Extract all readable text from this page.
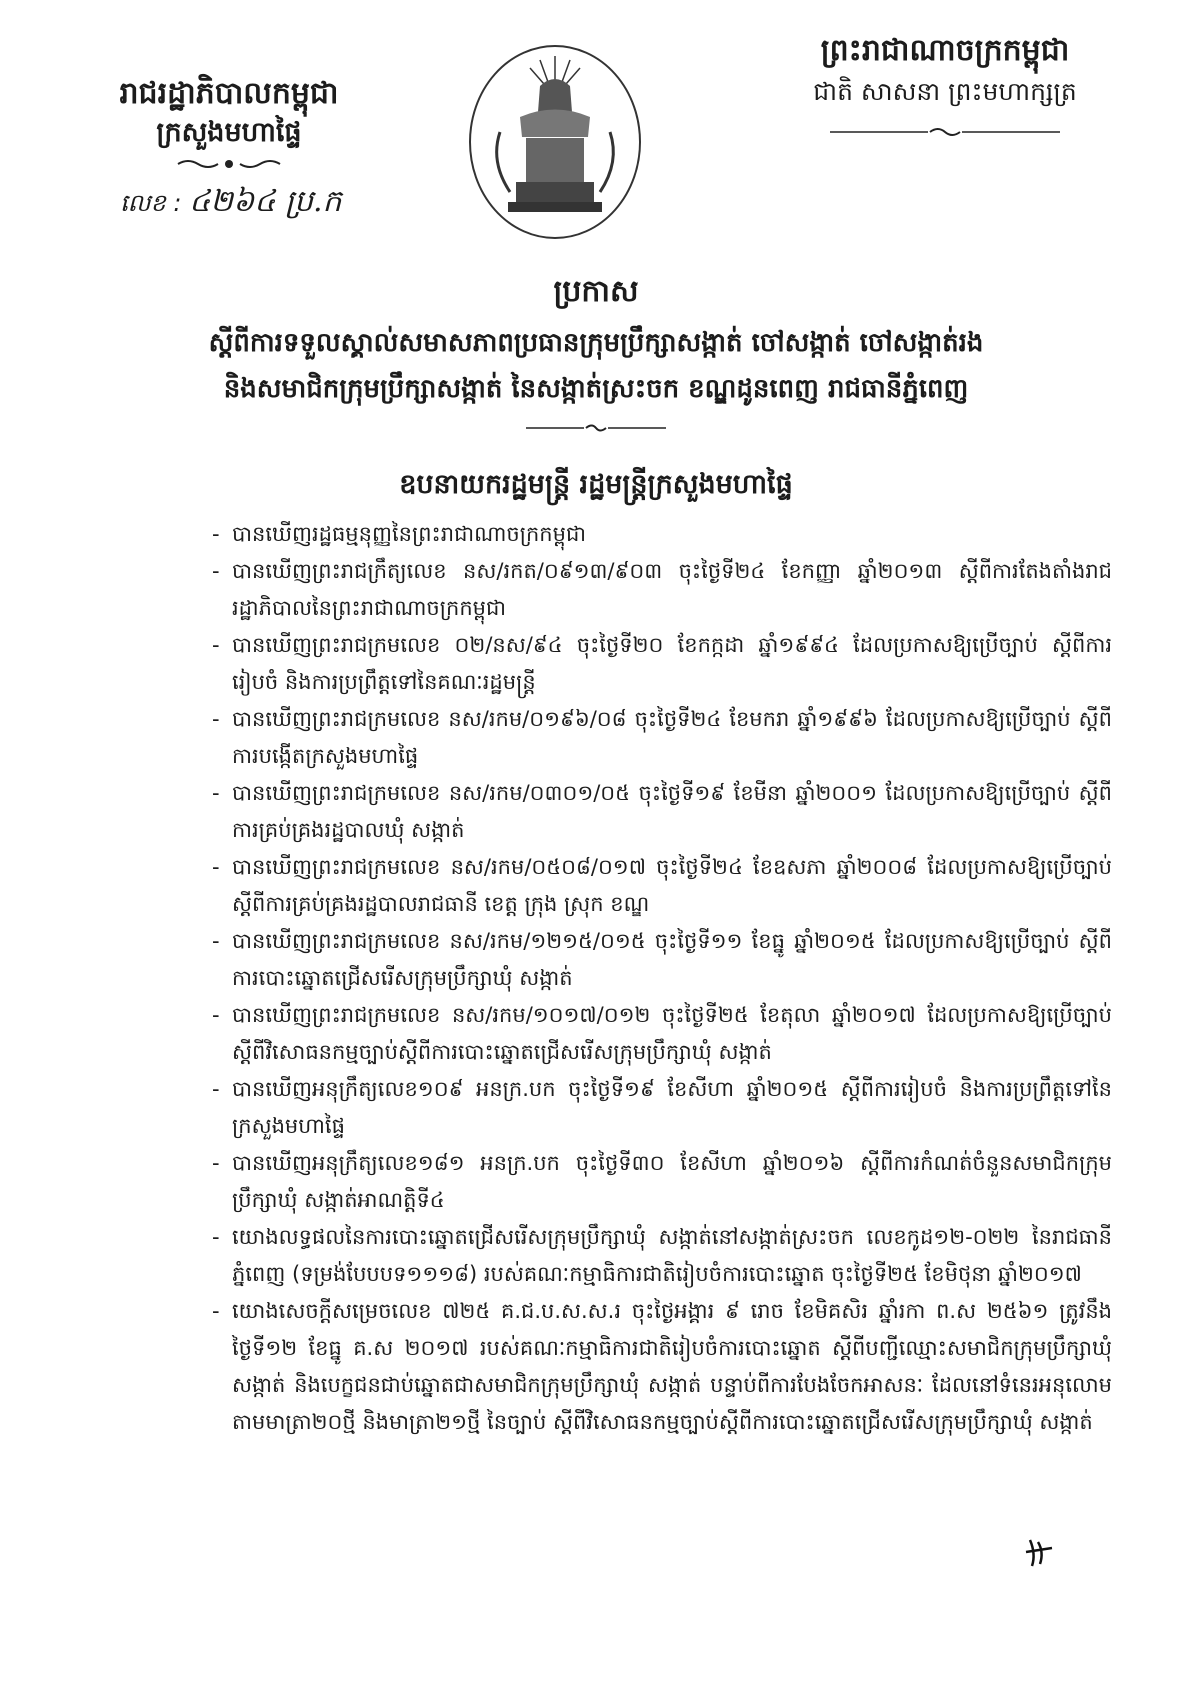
រាជរដ្ឋាភិបាលកម្ពុជា
ក្រសួងមហាផ្ទៃ
លេខ : ៤២៦៤ ប្រ.ក
ព្រះរាជាណាចក្រកម្ពុជា
ជាតិ សាសនា ព្រះមហាក្សត្រ
ប្រកាស
ស្ដីពីការទទួលស្គាល់សមាសភាពប្រធានក្រុមប្រឹក្សាសង្កាត់ ចៅសង្កាត់ ចៅសង្កាត់រង
និងសមាជិកក្រុមប្រឹក្សាសង្កាត់ នៃសង្កាត់ស្រះចក ខណ្ឌដូនពេញ រាជធានីភ្នំពេញ
ឧបនាយករដ្ឋមន្ត្រី រដ្ឋមន្ត្រីក្រសួងមហាផ្ទៃ
- បានឃើញរដ្ឋធម្មនុញ្ញនៃព្រះរាជាណាចក្រកម្ពុជា
- បានឃើញព្រះរាជក្រឹត្យលេខ នស/រកត/០៩១៣/៩០៣ ចុះថ្ងៃទី២៤ ខែកញ្ញា ឆ្នាំ២០១៣ ស្ដីពីការតែងតាំងរាជរដ្ឋាភិបាលនៃព្រះរាជាណាចក្រកម្ពុជា
- បានឃើញព្រះរាជក្រមលេខ ០២/នស/៩៤ ចុះថ្ងៃទី២០ ខែកក្កដា ឆ្នាំ១៩៩៤ ដែលប្រកាសឱ្យប្រើច្បាប់ ស្ដីពីការរៀបចំ និងការប្រព្រឹត្តទៅនៃគណៈរដ្ឋមន្ត្រី
- បានឃើញព្រះរាជក្រមលេខ នស/រកម/០១៩៦/០៨ ចុះថ្ងៃទី២៤ ខែមករា ឆ្នាំ១៩៩៦ ដែលប្រកាសឱ្យប្រើច្បាប់ ស្ដីពីការបង្កើតក្រសួងមហាផ្ទៃ
- បានឃើញព្រះរាជក្រមលេខ នស/រកម/០៣០១/០៥ ចុះថ្ងៃទី១៩ ខែមីនា ឆ្នាំ២០០១ ដែលប្រកាសឱ្យប្រើច្បាប់ ស្ដីពីការគ្រប់គ្រងរដ្ឋបាលឃុំ សង្កាត់
- បានឃើញព្រះរាជក្រមលេខ នស/រកម/០៥០៨/០១៧ ចុះថ្ងៃទី២៤ ខែឧសភា ឆ្នាំ២០០៨ ដែលប្រកាសឱ្យប្រើច្បាប់ ស្ដីពីការគ្រប់គ្រងរដ្ឋបាលរាជធានី ខេត្ត ក្រុង ស្រុក ខណ្ឌ
- បានឃើញព្រះរាជក្រមលេខ នស/រកម/១២១៥/០១៥ ចុះថ្ងៃទី១១ ខែធ្នូ ឆ្នាំ២០១៥ ដែលប្រកាសឱ្យប្រើច្បាប់ ស្ដីពីការបោះឆ្នោតជ្រើសរើសក្រុមប្រឹក្សាឃុំ សង្កាត់
- បានឃើញព្រះរាជក្រមលេខ នស/រកម/១០១៧/០១២ ចុះថ្ងៃទី២៥ ខែតុលា ឆ្នាំ២០១៧ ដែលប្រកាសឱ្យប្រើច្បាប់ ស្ដីពីវិសោធនកម្មច្បាប់ស្ដីពីការបោះឆ្នោតជ្រើសរើសក្រុមប្រឹក្សាឃុំ សង្កាត់
- បានឃើញអនុក្រឹត្យលេខ១០៩ អនក្រ.បក ចុះថ្ងៃទី១៩ ខែសីហា ឆ្នាំ២០១៥ ស្ដីពីការរៀបចំ និងការប្រព្រឹត្តទៅនៃក្រសួងមហាផ្ទៃ
- បានឃើញអនុក្រឹត្យលេខ១៨១ អនក្រ.បក ចុះថ្ងៃទី៣០ ខែសីហា ឆ្នាំ២០១៦ ស្ដីពីការកំណត់ចំនួនសមាជិកក្រុមប្រឹក្សាឃុំ សង្កាត់អាណត្តិទី៤
- យោងលទ្ធផលនៃការបោះឆ្នោតជ្រើសរើសក្រុមប្រឹក្សាឃុំ សង្កាត់នៅសង្កាត់ស្រះចក លេខកូដ១២-០២២ នៃរាជធានីភ្នំពេញ (ទម្រង់បែបបទ១១១៨) របស់គណៈកម្មាធិការជាតិរៀបចំការបោះឆ្នោត ចុះថ្ងៃទី២៥ ខែមិថុនា ឆ្នាំ២០១៧
- យោងសេចក្ដីសម្រេចលេខ ៧២៥ គ.ជ.ប.ស.ស.រ ចុះថ្ងៃអង្គារ ៩ រោច ខែមិគសិរ ឆ្នាំរកា ព.ស ២៥៦១ ត្រូវនឹងថ្ងៃទី១២ ខែធ្នូ គ.ស ២០១៧ របស់គណៈកម្មាធិការជាតិរៀបចំការបោះឆ្នោត ស្ដីពីបញ្ជីឈ្មោះសមាជិកក្រុមប្រឹក្សាឃុំ សង្កាត់ និងបេក្ខជនជាប់ឆ្នោតជាសមាជិកក្រុមប្រឹក្សាឃុំ សង្កាត់ បន្ទាប់ពីការបែងចែកអាសនៈ ដែលនៅទំនេរអនុលោមតាមមាត្រា២០ថ្មី និងមាត្រា២១ថ្មី នៃច្បាប់ ស្ដីពីវិសោធនកម្មច្បាប់ស្ដីពីការបោះឆ្នោតជ្រើសរើសក្រុមប្រឹក្សាឃុំ សង្កាត់
